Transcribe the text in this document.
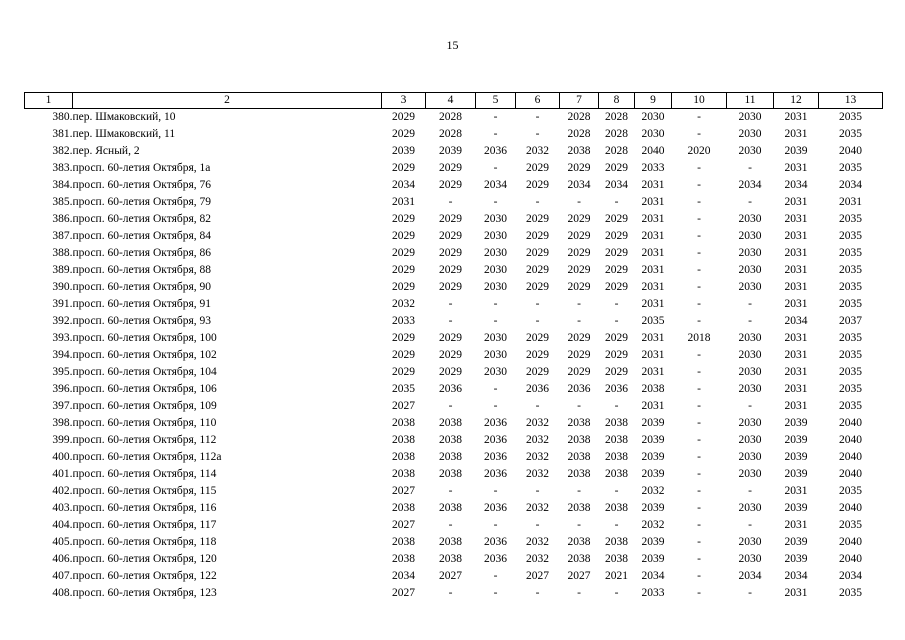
15
1	2	3	4	5	6	7	8	9	10	11	12	13
380.	пер. Шмаковский, 10	2029	2028	-	-	2028	2028	2030	-	2030	2031	2035
381.	пер. Шмаковский, 11	2029	2028	-	-	2028	2028	2030	-	2030	2031	2035
382.	пер. Ясный, 2	2039	2039	2036	2032	2038	2028	2040	2020	2030	2039	2040
383.	просп. 60-летия Октября, 1а	2029	2029	-	2029	2029	2029	2033	-	-	2031	2035
384.	просп. 60-летия Октября, 76	2034	2029	2034	2029	2034	2034	2031	-	2034	2034	2034
385.	просп. 60-летия Октября, 79	2031	-	-	-	-	-	2031	-	-	2031	2031
386.	просп. 60-летия Октября, 82	2029	2029	2030	2029	2029	2029	2031	-	2030	2031	2035
387.	просп. 60-летия Октября, 84	2029	2029	2030	2029	2029	2029	2031	-	2030	2031	2035
388.	просп. 60-летия Октября, 86	2029	2029	2030	2029	2029	2029	2031	-	2030	2031	2035
389.	просп. 60-летия Октября, 88	2029	2029	2030	2029	2029	2029	2031	-	2030	2031	2035
390.	просп. 60-летия Октября, 90	2029	2029	2030	2029	2029	2029	2031	-	2030	2031	2035
391.	просп. 60-летия Октября, 91	2032	-	-	-	-	-	2031	-	-	2031	2035
392.	просп. 60-летия Октября, 93	2033	-	-	-	-	-	2035	-	-	2034	2037
393.	просп. 60-летия Октября, 100	2029	2029	2030	2029	2029	2029	2031	2018	2030	2031	2035
394.	просп. 60-летия Октября, 102	2029	2029	2030	2029	2029	2029	2031	-	2030	2031	2035
395.	просп. 60-летия Октября, 104	2029	2029	2030	2029	2029	2029	2031	-	2030	2031	2035
396.	просп. 60-летия Октября, 106	2035	2036	-	2036	2036	2036	2038	-	2030	2031	2035
397.	просп. 60-летия Октября, 109	2027	-	-	-	-	-	2031	-	-	2031	2035
398.	просп. 60-летия Октября, 110	2038	2038	2036	2032	2038	2038	2039	-	2030	2039	2040
399.	просп. 60-летия Октября, 112	2038	2038	2036	2032	2038	2038	2039	-	2030	2039	2040
400.	просп. 60-летия Октября, 112а	2038	2038	2036	2032	2038	2038	2039	-	2030	2039	2040
401.	просп. 60-летия Октября, 114	2038	2038	2036	2032	2038	2038	2039	-	2030	2039	2040
402.	просп. 60-летия Октября, 115	2027	-	-	-	-	-	2032	-	-	2031	2035
403.	просп. 60-летия Октября, 116	2038	2038	2036	2032	2038	2038	2039	-	2030	2039	2040
404.	просп. 60-летия Октября, 117	2027	-	-	-	-	-	2032	-	-	2031	2035
405.	просп. 60-летия Октября, 118	2038	2038	2036	2032	2038	2038	2039	-	2030	2039	2040
406.	просп. 60-летия Октября, 120	2038	2038	2036	2032	2038	2038	2039	-	2030	2039	2040
407.	просп. 60-летия Октября, 122	2034	2027	-	2027	2027	2021	2034	-	2034	2034	2034
408.	просп. 60-летия Октября, 123	2027	-	-	-	-	-	2033	-	-	2031	2035
